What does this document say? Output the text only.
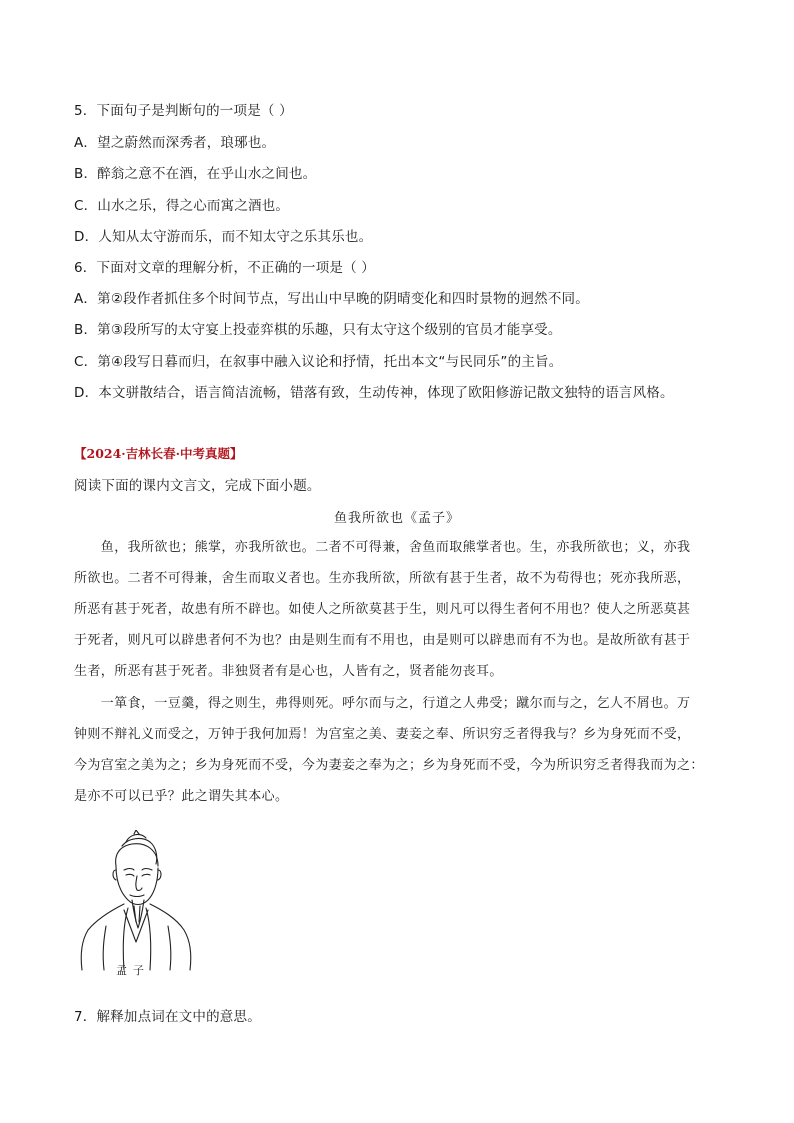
5．下面句子是判断句的一项是（ ）
A．望之蔚然而深秀者，琅琊也。
B．醉翁之意不在酒，在乎山水之间也。
C．山水之乐，得之心而寓之酒也。
D．人知从太守游而乐，而不知太守之乐其乐也。
6．下面对文章的理解分析，不正确的一项是（ ）
A．第②段作者抓住多个时间节点，写出山中早晚的阴晴变化和四时景物的迥然不同。
B．第③段所写的太守宴上投壶弈棋的乐趣，只有太守这个级别的官员才能享受。
C．第④段写日暮而归，在叙事中融入议论和抒情，托出本文“与民同乐”的主旨。
D．本文骈散结合，语言简洁流畅，错落有致，生动传神，体现了欧阳修游记散文独特的语言风格。
【2024·吉林长春·中考真题】
阅读下面的课内文言文，完成下面小题。
鱼我所欲也《孟子》
　　鱼，我所欲也；熊掌，亦我所欲也。二者不可得兼，舍鱼而取熊掌者也。生，亦我所欲也；义，亦我
所欲也。二者不可得兼，舍生而取义者也。生亦我所欲，所欲有甚于生者，故不为苟得也；死亦我所恶，
所恶有甚于死者，故患有所不辟也。如使人之所欲莫甚于生，则凡可以得生者何不用也？使人之所恶莫甚
于死者，则凡可以辟患者何不为也？由是则生而有不用也，由是则可以辟患而有不为也。是故所欲有甚于
生者，所恶有甚于死者。非独贤者有是心也，人皆有之，贤者能勿丧耳。
　　一箪食，一豆羹，得之则生，弗得则死。呼尔而与之，行道之人弗受；蹴尔而与之，乞人不屑也。万
钟则不辩礼义而受之，万钟于我何加焉！为宫室之美、妻妾之奉、所识穷乏者得我与？乡为身死而不受，
今为宫室之美为之；乡为身死而不受，今为妻妾之奉为之；乡为身死而不受，今为所识穷乏者得我而为之：
是亦不可以已乎？此之谓失其本心。
孟子
7．解释加点词在文中的意思。
